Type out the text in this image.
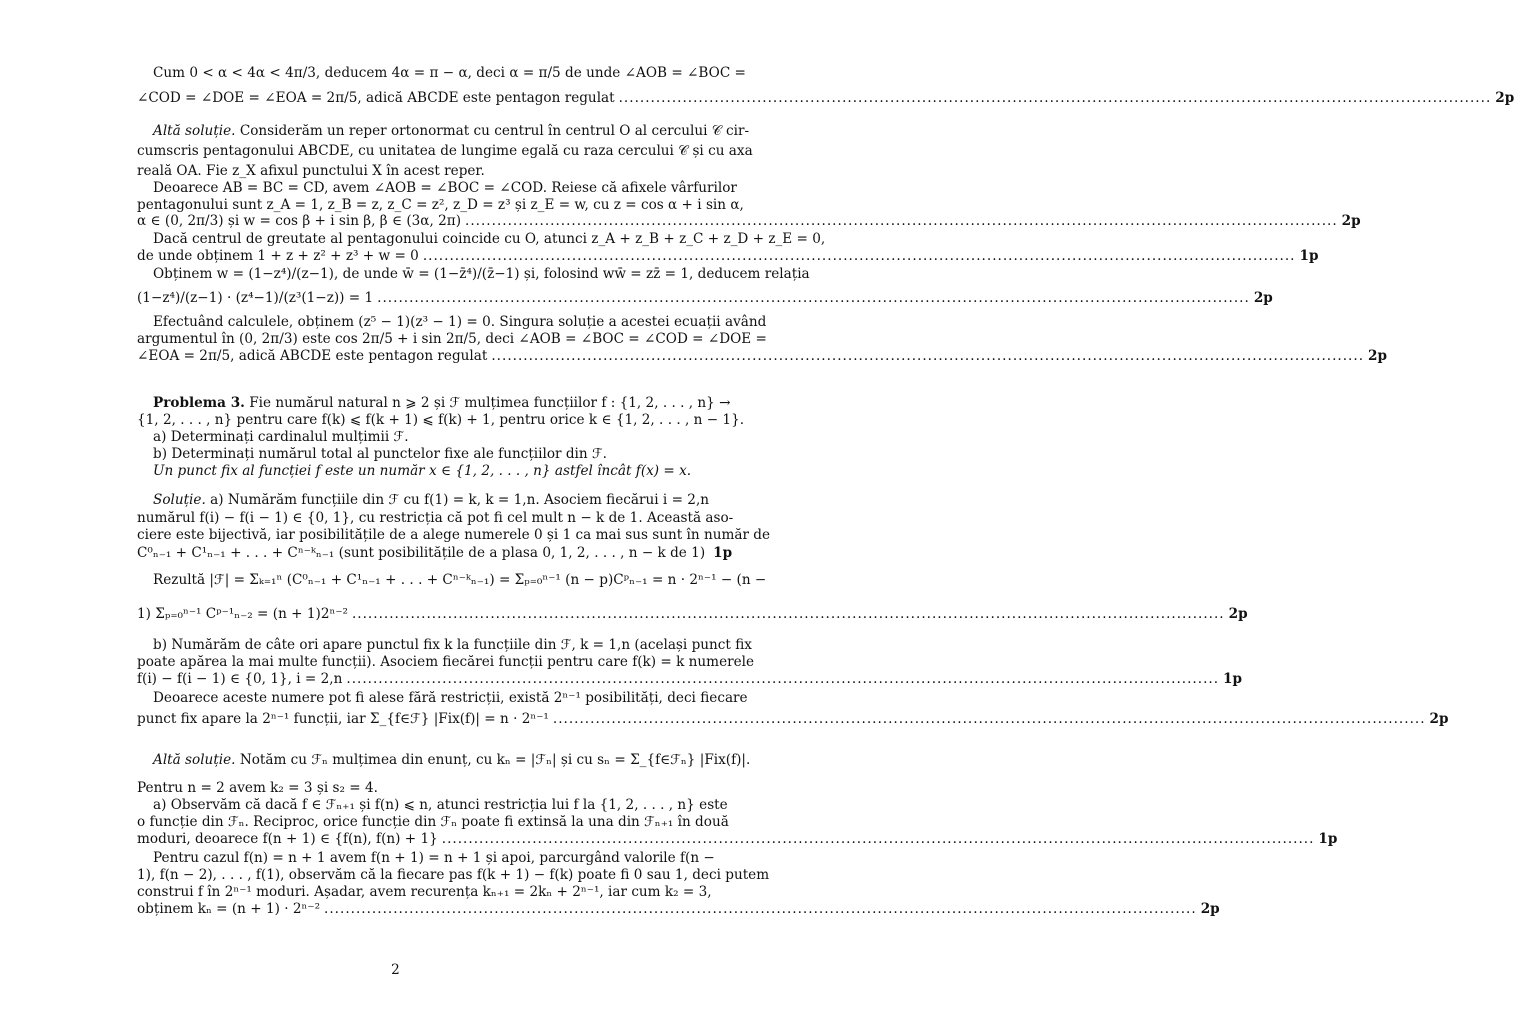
Cum 0 < α < 4α < 4π/3, deducem 4α = π − α, deci α = π/5 de unde ∠AOB = ∠BOC =
∠COD = ∠DOE = ∠EOA = 2π/5, adică ABCDE este pentagon regulat .................................................................................................................................................................... 2p
Altă soluție. Considerăm un reper ortonormat cu centrul în centrul O al cercului 𝒞 cir-
cumscris pentagonului ABCDE, cu unitatea de lungime egală cu raza cercului 𝒞 și cu axa
reală OA. Fie z_X afixul punctului X în acest reper.
Deoarece AB = BC = CD, avem ∠AOB = ∠BOC = ∠COD. Reiese că afixele vârfurilor
pentagonului sunt z_A = 1, z_B = z, z_C = z², z_D = z³ și z_E = w, cu z = cos α + i sin α,
α ∈ (0, 2π/3) și w = cos β + i sin β, β ∈ (3α, 2π) .................................................................................................................................................................... 2p
Dacă centrul de greutate al pentagonului coincide cu O, atunci z_A + z_B + z_C + z_D + z_E = 0,
de unde obținem 1 + z + z² + z³ + w = 0 .................................................................................................................................................................... 1p
Obținem w = (1−z⁴)/(z−1), de unde w̄ = (1−z̄⁴)/(z̄−1) și, folosind ww̄ = zz̄ = 1, deducem relația
(1−z⁴)/(z−1) · (z⁴−1)/(z³(1−z)) = 1 .................................................................................................................................................................... 2p
Efectuând calculele, obținem (z⁵ − 1)(z³ − 1) = 0. Singura soluție a acestei ecuații având
argumentul în (0, 2π/3) este cos 2π/5 + i sin 2π/5, deci ∠AOB = ∠BOC = ∠COD = ∠DOE =
∠EOA = 2π/5, adică ABCDE este pentagon regulat .................................................................................................................................................................... 2p
Problema 3. Fie numărul natural n ⩾ 2 și ℱ mulțimea funcțiilor f : {1, 2, . . . , n} →
{1, 2, . . . , n} pentru care f(k) ⩽ f(k + 1) ⩽ f(k) + 1, pentru orice k ∈ {1, 2, . . . , n − 1}.
a) Determinați cardinalul mulțimii ℱ.
b) Determinați numărul total al punctelor fixe ale funcțiilor din ℱ.
Un punct fix al funcției f este un număr x ∈ {1, 2, . . . , n} astfel încât f(x) = x.
Soluție. a) Numărăm funcțiile din ℱ cu f(1) = k, k = 1,n. Asociem fiecărui i = 2,n
numărul f(i) − f(i − 1) ∈ {0, 1}, cu restricția că pot fi cel mult n − k de 1. Această aso-
ciere este bijectivă, iar posibilitățile de a alege numerele 0 și 1 ca mai sus sunt în număr de
C⁰ₙ₋₁ + C¹ₙ₋₁ + . . . + Cⁿ⁻ᵏₙ₋₁ (sunt posibilitățile de a plasa 0, 1, 2, . . . , n − k de 1) 1p
Rezultă |ℱ| = Σₖ₌₁ⁿ (C⁰ₙ₋₁ + C¹ₙ₋₁ + . . . + Cⁿ⁻ᵏₙ₋₁) = Σₚ₌₀ⁿ⁻¹ (n − p)Cᵖₙ₋₁ = n · 2ⁿ⁻¹ − (n −
1) Σₚ₌₀ⁿ⁻¹ Cᵖ⁻¹ₙ₋₂ = (n + 1)2ⁿ⁻² .................................................................................................................................................................... 2p
b) Numărăm de câte ori apare punctul fix k la funcțiile din ℱ, k = 1,n (același punct fix
poate apărea la mai multe funcții). Asociem fiecărei funcții pentru care f(k) = k numerele
f(i) − f(i − 1) ∈ {0, 1}, i = 2,n .................................................................................................................................................................... 1p
Deoarece aceste numere pot fi alese fără restricții, există 2ⁿ⁻¹ posibilități, deci fiecare
punct fix apare la 2ⁿ⁻¹ funcții, iar Σ_{f∈ℱ} |Fix(f)| = n · 2ⁿ⁻¹ .................................................................................................................................................................... 2p
Altă soluție. Notăm cu ℱₙ mulțimea din enunț, cu kₙ = |ℱₙ| și cu sₙ = Σ_{f∈ℱₙ} |Fix(f)|.
Pentru n = 2 avem k₂ = 3 și s₂ = 4.
a) Observăm că dacă f ∈ ℱₙ₊₁ și f(n) ⩽ n, atunci restricția lui f la {1, 2, . . . , n} este
o funcție din ℱₙ. Reciproc, orice funcție din ℱₙ poate fi extinsă la una din ℱₙ₊₁ în două
moduri, deoarece f(n + 1) ∈ {f(n), f(n) + 1} .................................................................................................................................................................... 1p
Pentru cazul f(n) = n + 1 avem f(n + 1) = n + 1 și apoi, parcurgând valorile f(n −
1), f(n − 2), . . . , f(1), observăm că la fiecare pas f(k + 1) − f(k) poate fi 0 sau 1, deci putem
construi f în 2ⁿ⁻¹ moduri. Așadar, avem recurența kₙ₊₁ = 2kₙ + 2ⁿ⁻¹, iar cum k₂ = 3,
obținem kₙ = (n + 1) · 2ⁿ⁻² .................................................................................................................................................................... 2p
2
